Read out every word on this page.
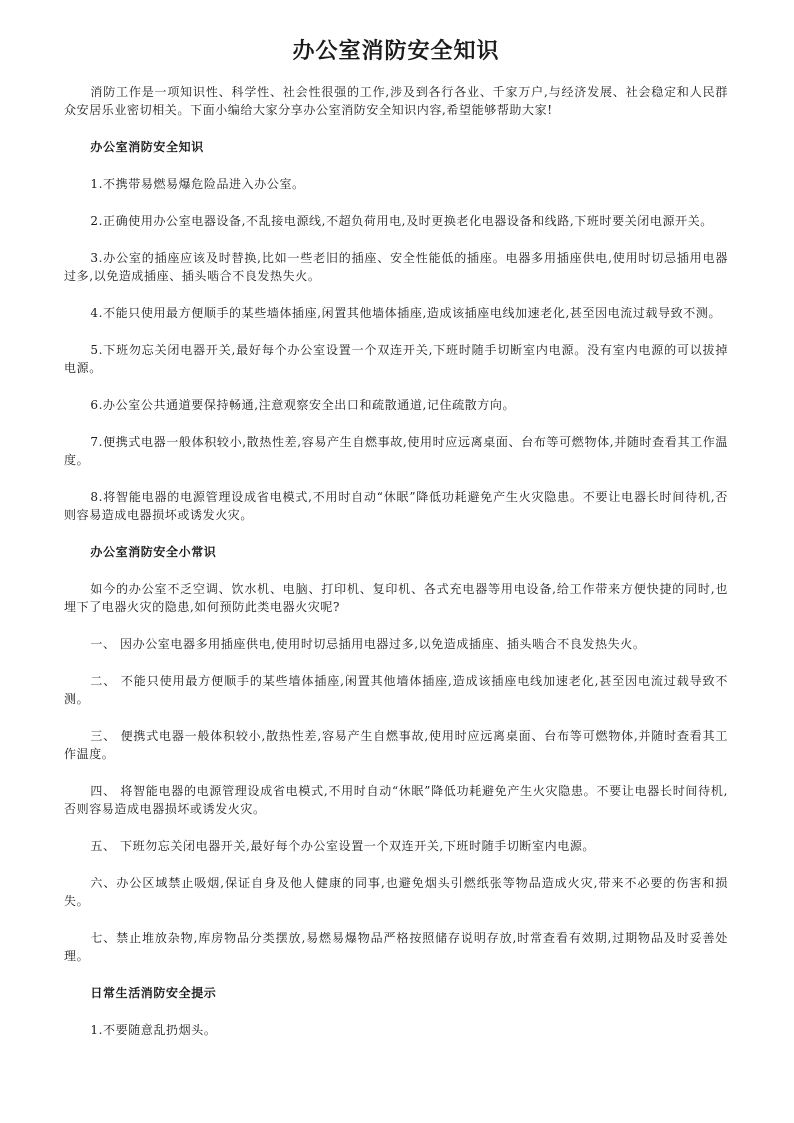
办公室消防安全知识

消防工作是一项知识性、科学性、社会性很强的工作,涉及到各行各业、千家万户,与经济发展、社会稳定和人民群众安居乐业密切相关。下面小编给大家分享办公室消防安全知识内容,希望能够帮助大家!

办公室消防安全知识

1.不携带易燃易爆危险品进入办公室。

2.正确使用办公室电器设备,不乱接电源线,不超负荷用电,及时更换老化电器设备和线路,下班时要关闭电源开关。

3.办公室的插座应该及时替换,比如一些老旧的插座、安全性能低的插座。电器多用插座供电,使用时切忌插用电器过多,以免造成插座、插头啮合不良发热失火。

4.不能只使用最方便顺手的某些墙体插座,闲置其他墙体插座,造成该插座电线加速老化,甚至因电流过载导致不测。

5.下班勿忘关闭电器开关,最好每个办公室设置一个双连开关,下班时随手切断室内电源。没有室内电源的可以拔掉电源。

6.办公室公共通道要保持畅通,注意观察安全出口和疏散通道,记住疏散方向。

7.便携式电器一般体积较小,散热性差,容易产生自燃事故,使用时应远离桌面、台布等可燃物体,并随时查看其工作温度。

8.将智能电器的电源管理设成省电模式,不用时自动“休眠”降低功耗避免产生火灾隐患。不要让电器长时间待机,否则容易造成电器损坏或诱发火灾。

办公室消防安全小常识

如今的办公室不乏空调、饮水机、电脑、打印机、复印机、各式充电器等用电设备,给工作带来方便快捷的同时,也埋下了电器火灾的隐患,如何预防此类电器火灾呢?

一、 因办公室电器多用插座供电,使用时切忌插用电器过多,以免造成插座、插头啮合不良发热失火。

二、 不能只使用最方便顺手的某些墙体插座,闲置其他墙体插座,造成该插座电线加速老化,甚至因电流过载导致不测。

三、 便携式电器一般体积较小,散热性差,容易产生自燃事故,使用时应远离桌面、台布等可燃物体,并随时查看其工作温度。

四、 将智能电器的电源管理设成省电模式,不用时自动“休眠”降低功耗避免产生火灾隐患。不要让电器长时间待机,否则容易造成电器损坏或诱发火灾。

五、 下班勿忘关闭电器开关,最好每个办公室设置一个双连开关,下班时随手切断室内电源。

六、办公区域禁止吸烟,保证自身及他人健康的同事,也避免烟头引燃纸张等物品造成火灾,带来不必要的伤害和损失。

七、禁止堆放杂物,库房物品分类摆放,易燃易爆物品严格按照储存说明存放,时常查看有效期,过期物品及时妥善处理。

日常生活消防安全提示

1.不要随意乱扔烟头。
